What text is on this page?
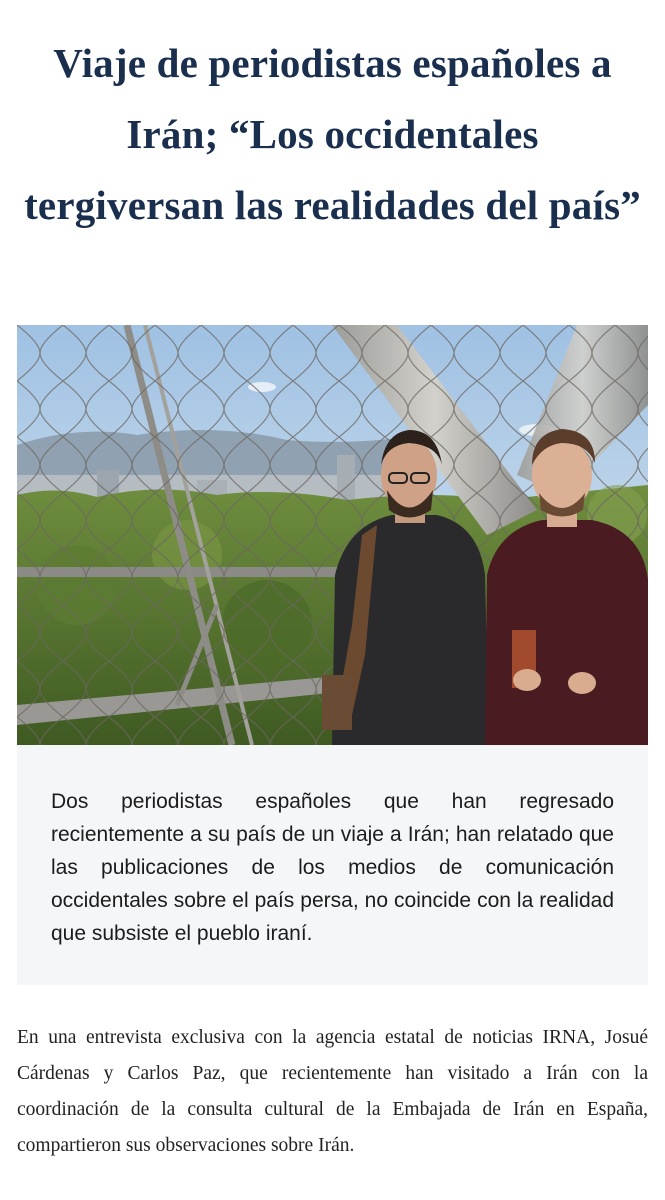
Viaje de periodistas españoles a Irán; “Los occidentales tergiversan las realidades del país”

Dos periodistas españoles que han regresado recientemente a su país de un viaje a Irán; han relatado que las publicaciones de los medios de comunicación occidentales sobre el país persa, no coincide con la realidad que subsiste el pueblo iraní.

En una entrevista exclusiva con la agencia estatal de noticias IRNA, Josué Cárdenas y Carlos Paz, que recientemente han visitado a Irán con la coordinación de la consulta cultural de la Embajada de Irán en España, compartieron sus observaciones sobre Irán.
